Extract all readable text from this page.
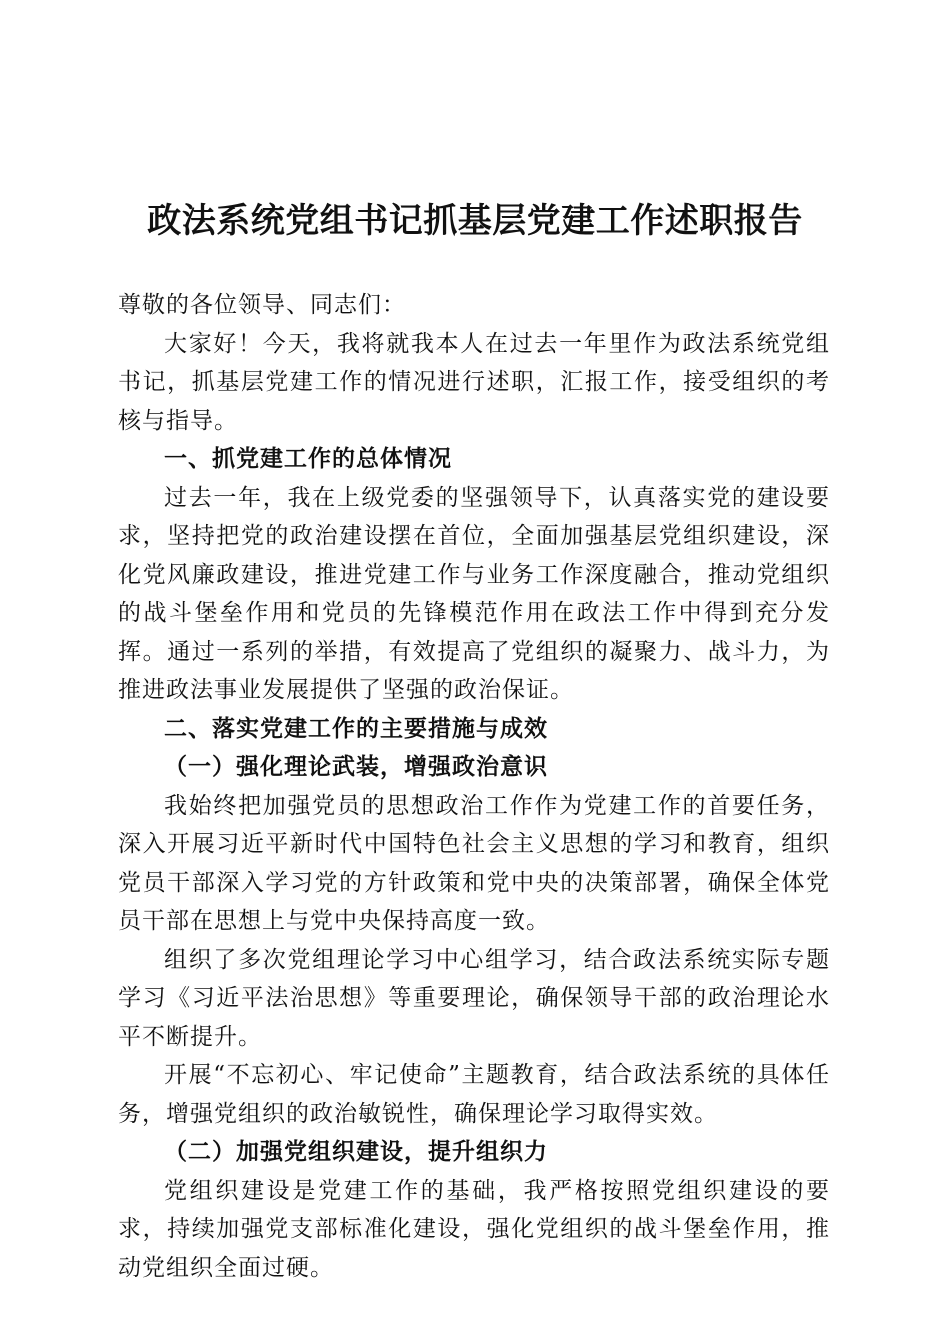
政法系统党组书记抓基层党建工作述职报告

尊敬的各位领导、同志们：

大家好！今天，我将就我本人在过去一年里作为政法系统党组书记，抓基层党建工作的情况进行述职，汇报工作，接受组织的考核与指导。

一、抓党建工作的总体情况

过去一年，我在上级党委的坚强领导下，认真落实党的建设要求，坚持把党的政治建设摆在首位，全面加强基层党组织建设，深化党风廉政建设，推进党建工作与业务工作深度融合，推动党组织的战斗堡垒作用和党员的先锋模范作用在政法工作中得到充分发挥。通过一系列的举措，有效提高了党组织的凝聚力、战斗力，为推进政法事业发展提供了坚强的政治保证。

二、落实党建工作的主要措施与成效

（一）强化理论武装，增强政治意识

我始终把加强党员的思想政治工作作为党建工作的首要任务，深入开展习近平新时代中国特色社会主义思想的学习和教育，组织党员干部深入学习党的方针政策和党中央的决策部署，确保全体党员干部在思想上与党中央保持高度一致。

组织了多次党组理论学习中心组学习，结合政法系统实际专题学习《习近平法治思想》等重要理论，确保领导干部的政治理论水平不断提升。

开展“不忘初心、牢记使命”主题教育，结合政法系统的具体任务，增强党组织的政治敏锐性，确保理论学习取得实效。

（二）加强党组织建设，提升组织力

党组织建设是党建工作的基础，我严格按照党组织建设的要求，持续加强党支部标准化建设，强化党组织的战斗堡垒作用，推动党组织全面过硬。
